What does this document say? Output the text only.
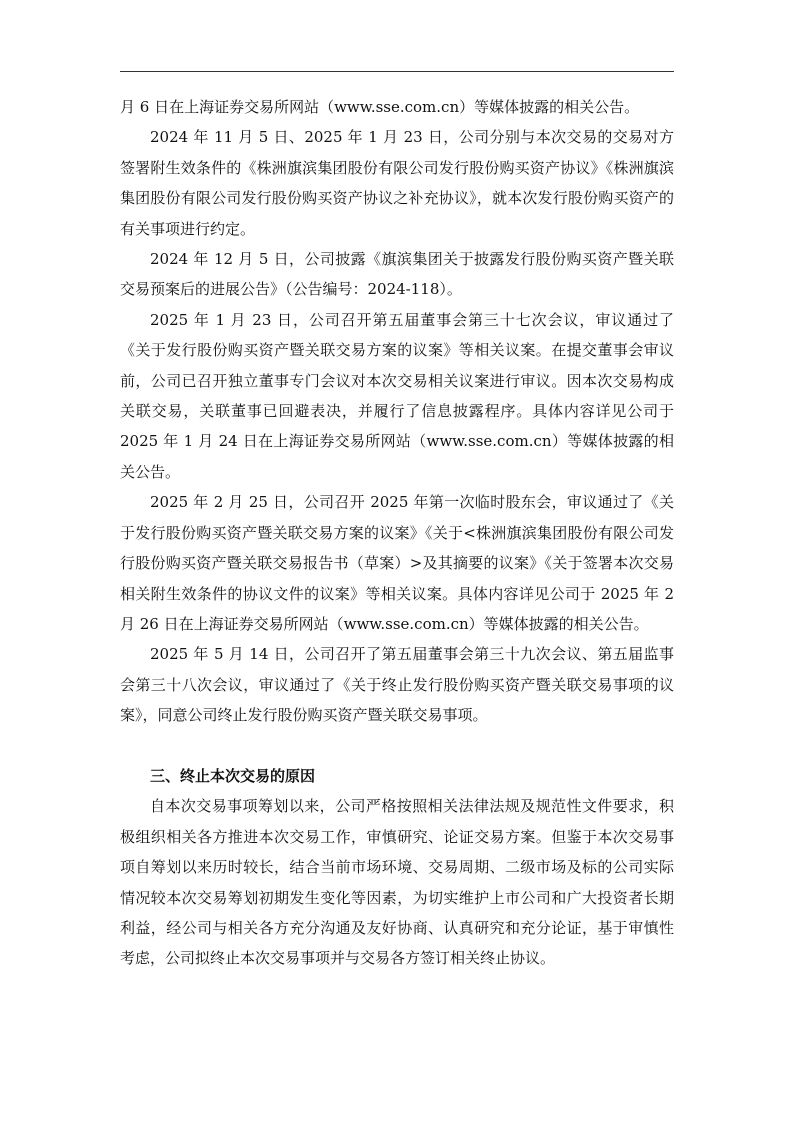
月 6 日在上海证券交易所网站（www.sse.com.cn）等媒体披露的相关公告。

2024 年 11 月 5 日、2025 年 1 月 23 日，公司分别与本次交易的交易对方签署附生效条件的《株洲旗滨集团股份有限公司发行股份购买资产协议》《株洲旗滨集团股份有限公司发行股份购买资产协议之补充协议》，就本次发行股份购买资产的有关事项进行约定。

2024 年 12 月 5 日，公司披露《旗滨集团关于披露发行股份购买资产暨关联交易预案后的进展公告》（公告编号：2024-118）。

2025 年 1 月 23 日，公司召开第五届董事会第三十七次会议，审议通过了《关于发行股份购买资产暨关联交易方案的议案》等相关议案。在提交董事会审议前，公司已召开独立董事专门会议对本次交易相关议案进行审议。因本次交易构成关联交易，关联董事已回避表决，并履行了信息披露程序。具体内容详见公司于 2025 年 1 月 24 日在上海证券交易所网站（www.sse.com.cn）等媒体披露的相关公告。

2025 年 2 月 25 日，公司召开 2025 年第一次临时股东会，审议通过了《关于发行股份购买资产暨关联交易方案的议案》《关于<株洲旗滨集团股份有限公司发行股份购买资产暨关联交易报告书（草案）>及其摘要的议案》《关于签署本次交易相关附生效条件的协议文件的议案》等相关议案。具体内容详见公司于 2025 年 2 月 26 日在上海证券交易所网站（www.sse.com.cn）等媒体披露的相关公告。

2025 年 5 月 14 日，公司召开了第五届董事会第三十九次会议、第五届监事会第三十八次会议，审议通过了《关于终止发行股份购买资产暨关联交易事项的议案》，同意公司终止发行股份购买资产暨关联交易事项。

三、终止本次交易的原因

自本次交易事项筹划以来，公司严格按照相关法律法规及规范性文件要求，积极组织相关各方推进本次交易工作，审慎研究、论证交易方案。但鉴于本次交易事项自筹划以来历时较长，结合当前市场环境、交易周期、二级市场及标的公司实际情况较本次交易筹划初期发生变化等因素，为切实维护上市公司和广大投资者长期利益，经公司与相关各方充分沟通及友好协商、认真研究和充分论证，基于审慎性考虑，公司拟终止本次交易事项并与交易各方签订相关终止协议。
